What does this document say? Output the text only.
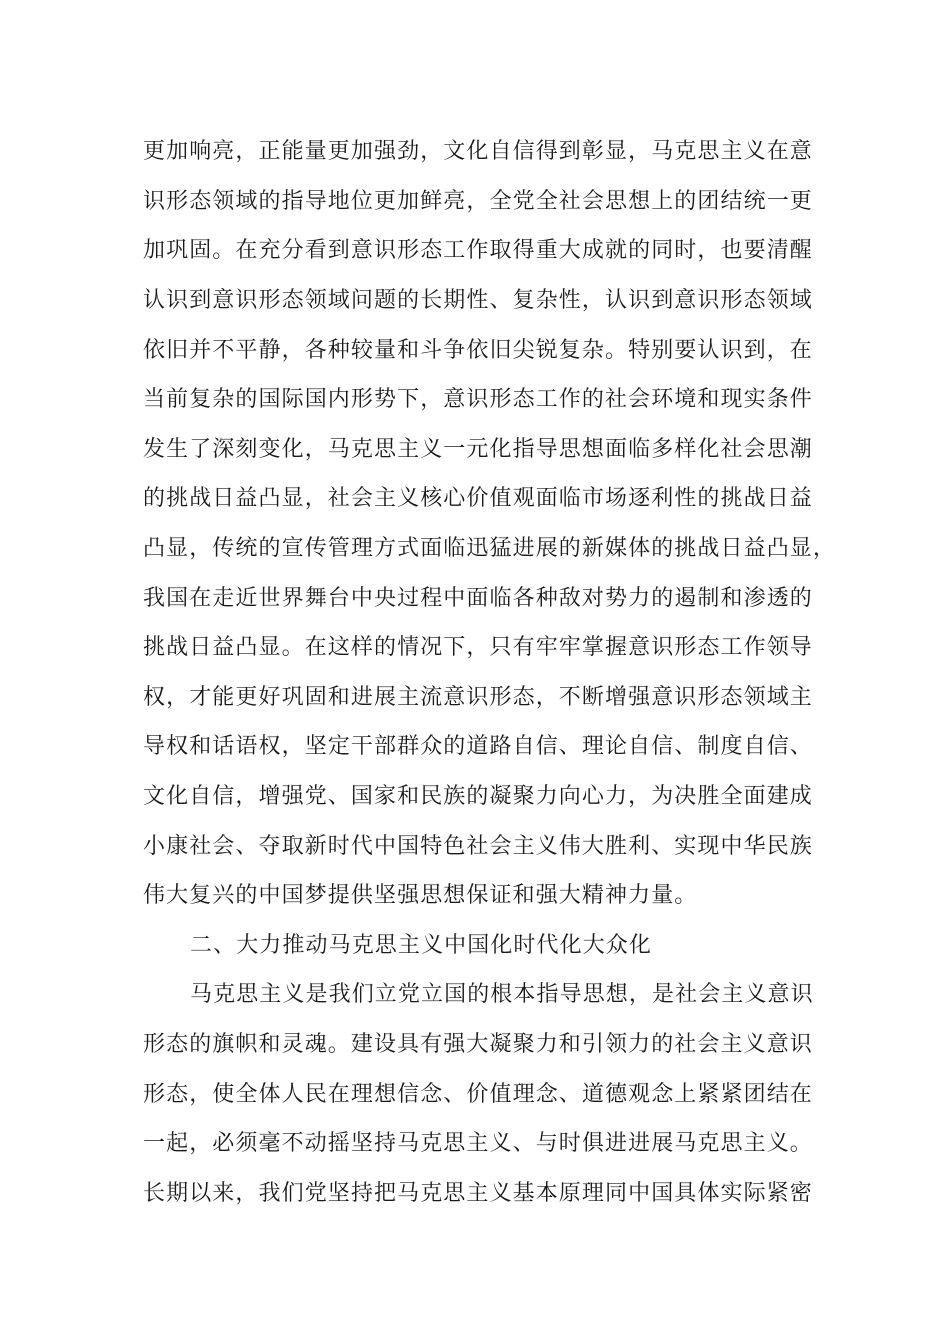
更加响亮，正能量更加强劲，文化自信得到彰显，马克思主义在意
识形态领域的指导地位更加鲜亮，全党全社会思想上的团结统一更
加巩固。在充分看到意识形态工作取得重大成就的同时，也要清醒
认识到意识形态领域问题的长期性、复杂性，认识到意识形态领域
依旧并不平静，各种较量和斗争依旧尖锐复杂。特别要认识到，在
当前复杂的国际国内形势下，意识形态工作的社会环境和现实条件
发生了深刻变化，马克思主义一元化指导思想面临多样化社会思潮
的挑战日益凸显，社会主义核心价值观面临市场逐利性的挑战日益
凸显，传统的宣传管理方式面临迅猛进展的新媒体的挑战日益凸显，
我国在走近世界舞台中央过程中面临各种敌对势力的遏制和渗透的
挑战日益凸显。在这样的情况下，只有牢牢掌握意识形态工作领导
权，才能更好巩固和进展主流意识形态，不断增强意识形态领域主
导权和话语权，坚定干部群众的道路自信、理论自信、制度自信、
文化自信，增强党、国家和民族的凝聚力向心力，为决胜全面建成
小康社会、夺取新时代中国特色社会主义伟大胜利、实现中华民族
伟大复兴的中国梦提供坚强思想保证和强大精神力量。
二、大力推动马克思主义中国化时代化大众化
马克思主义是我们立党立国的根本指导思想，是社会主义意识
形态的旗帜和灵魂。建设具有强大凝聚力和引领力的社会主义意识
形态，使全体人民在理想信念、价值理念、道德观念上紧紧团结在
一起，必须毫不动摇坚持马克思主义、与时俱进进展马克思主义。
长期以来，我们党坚持把马克思主义基本原理同中国具体实际紧密
